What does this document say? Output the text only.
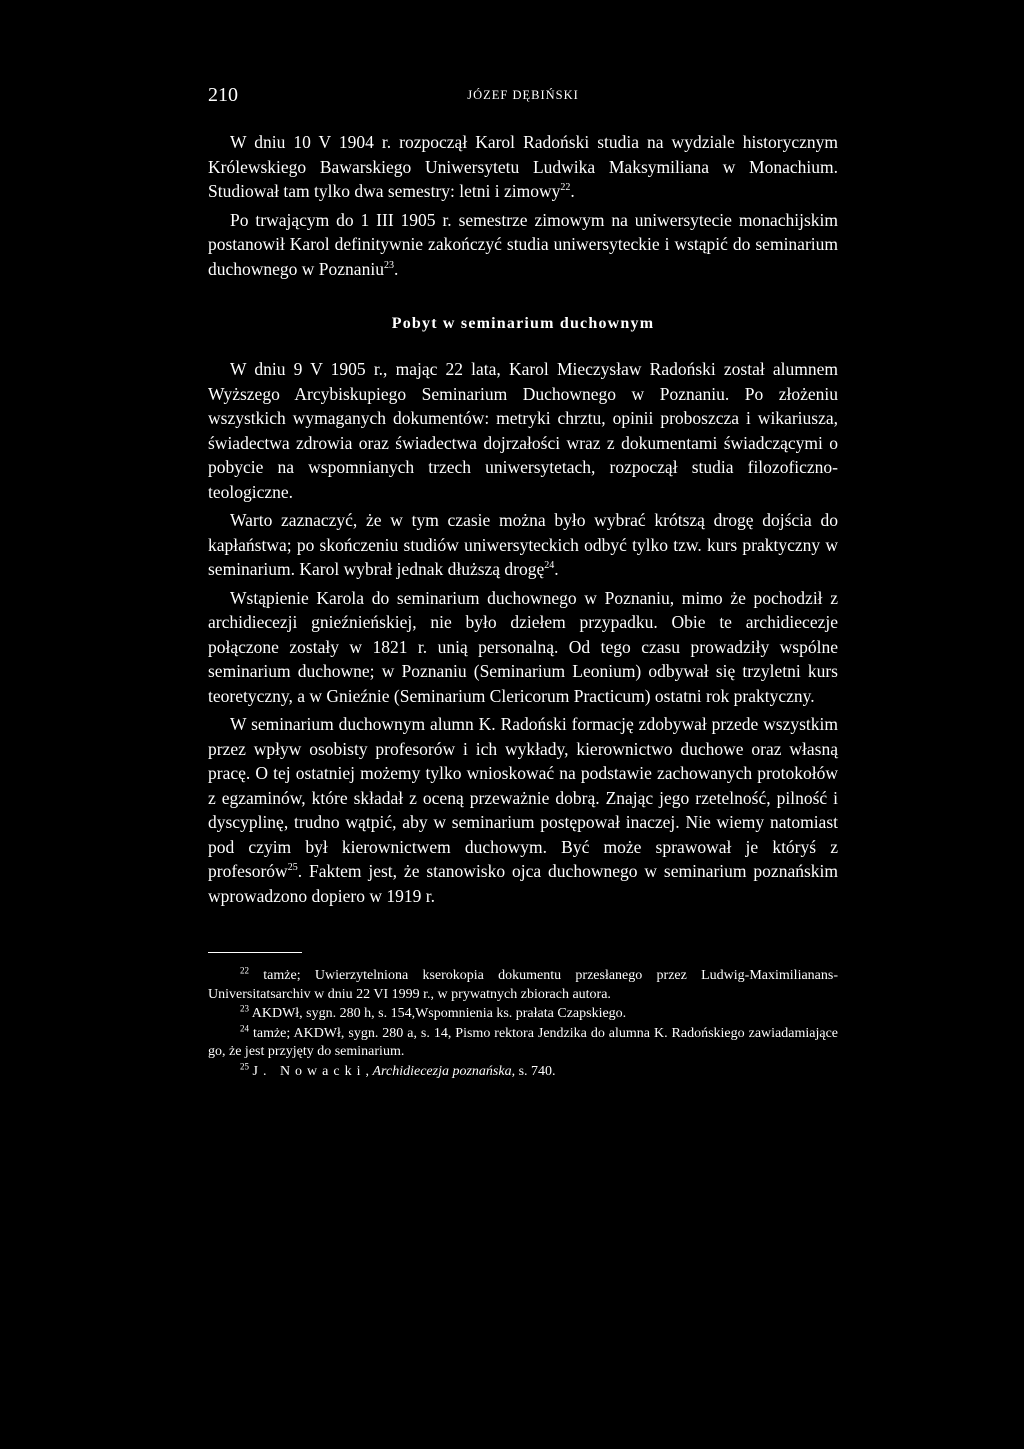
210	JÓZEF DĘBIŃSKI

W dniu 10 V 1904 r. rozpoczął Karol Radoński studia na wydziale historycznym Królewskiego Bawarskiego Uniwersytetu Ludwika Maksymiliana w Monachium. Studiował tam tylko dwa semestry: letni i zimowy$^{22}$.

Po trwającym do 1 III 1905 r. semestrze zimowym na uniwersytecie monachijskim postanowił Karol definitywnie zakończyć studia uniwersyteckie i wstąpić do seminarium duchownego w Poznaniu$^{23}$.

Pobyt w seminarium duchownym

W dniu 9 V 1905 r., mając 22 lata, Karol Mieczysław Radoński został alumnem Wyższego Arcybiskupiego Seminarium Duchownego w Poznaniu. Po złożeniu wszystkich wymaganych dokumentów: metryki chrztu, opinii proboszcza i wikariusza, świadectwa zdrowia oraz świadectwa dojrzałości wraz z dokumentami świadczącymi o pobycie na wspomnianych trzech uniwersytetach, rozpoczął studia filozoficzno-teologiczne.

Warto zaznaczyć, że w tym czasie można było wybrać krótszą drogę dojścia do kapłaństwa; po skończeniu studiów uniwersyteckich odbyć tylko tzw. kurs praktyczny w seminarium. Karol wybrał jednak dłuższą drogę$^{24}$.

Wstąpienie Karola do seminarium duchownego w Poznaniu, mimo że pochodził z archidiecezji gnieźnieńskiej, nie było dziełem przypadku. Obie te archidiecezje połączone zostały w 1821 r. unią personalną. Od tego czasu prowadziły wspólne seminarium duchowne; w Poznaniu (Seminarium Leonium) odbywał się trzyletni kurs teoretyczny, a w Gnieźnie (Seminarium Clericorum Practicum) ostatni rok praktyczny.

W seminarium duchownym alumn K. Radoński formację zdobywał przede wszystkim przez wpływ osobisty profesorów i ich wykłady, kierownictwo duchowe oraz własną pracę. O tej ostatniej możemy tylko wnioskować na podstawie zachowanych protokołów z egzaminów, które składał z oceną przeważnie dobrą. Znając jego rzetelność, pilność i dyscyplinę, trudno wątpić, aby w seminarium postępował inaczej. Nie wiemy natomiast pod czyim był kierownictwem duchowym. Być może sprawował je któryś z profesorów$^{25}$. Faktem jest, że stanowisko ojca duchownego w seminarium poznańskim wprowadzono dopiero w 1919 r.

$^{22}$ tamże; Uwierzytelniona kserokopia dokumentu przesłanego przez Ludwig-Maximilianans-Universitatsarchiv w dniu 22 VI 1999 r., w prywatnych zbiorach autora.

$^{23}$ AKDWł, sygn. 280 h, s. 154,Wspomnienia ks. prałata Czapskiego.

$^{24}$ tamże; AKDWł, sygn. 280 a, s. 14, Pismo rektora Jendzika do alumna K. Radońskiego zawiadamiające go, że jest przyjęty do seminarium.

$^{25}$ J. Nowacki, Archidiecezja poznańska, s. 740.
